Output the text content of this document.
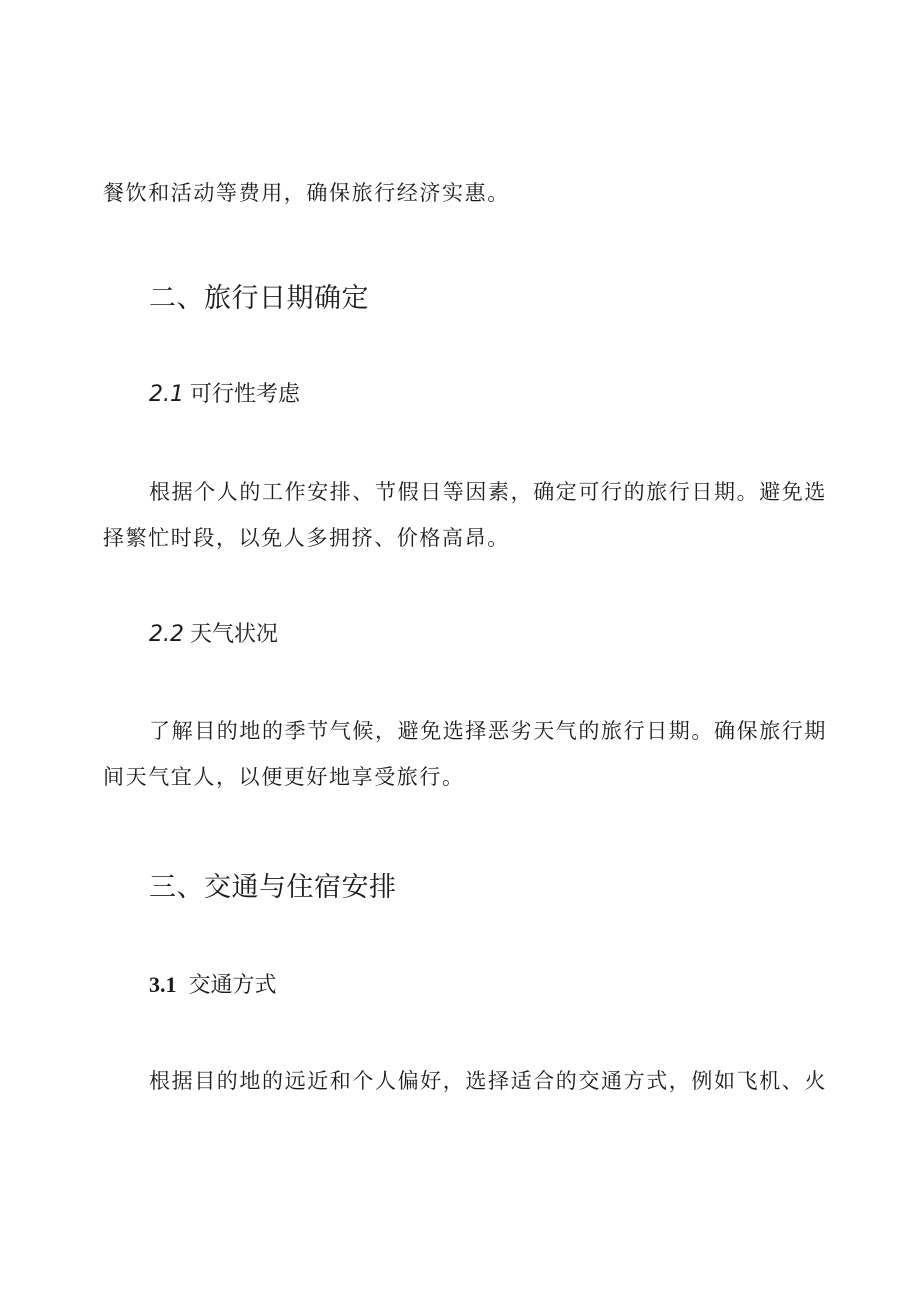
餐饮和活动等费用，确保旅行经济实惠。

二、旅行日期确定
2.1 可行性考虑

根据个人的工作安排、节假日等因素，确定可行的旅行日期。避免选
择繁忙时段，以免人多拥挤、价格高昂。

2.2 天气状况

了解目的地的季节气候，避免选择恶劣天气的旅行日期。确保旅行期
间天气宜人，以便更好地享受旅行。

三、交通与住宿安排
3.1 交通方式

根据目的地的远近和个人偏好，选择适合的交通方式，例如飞机、火
